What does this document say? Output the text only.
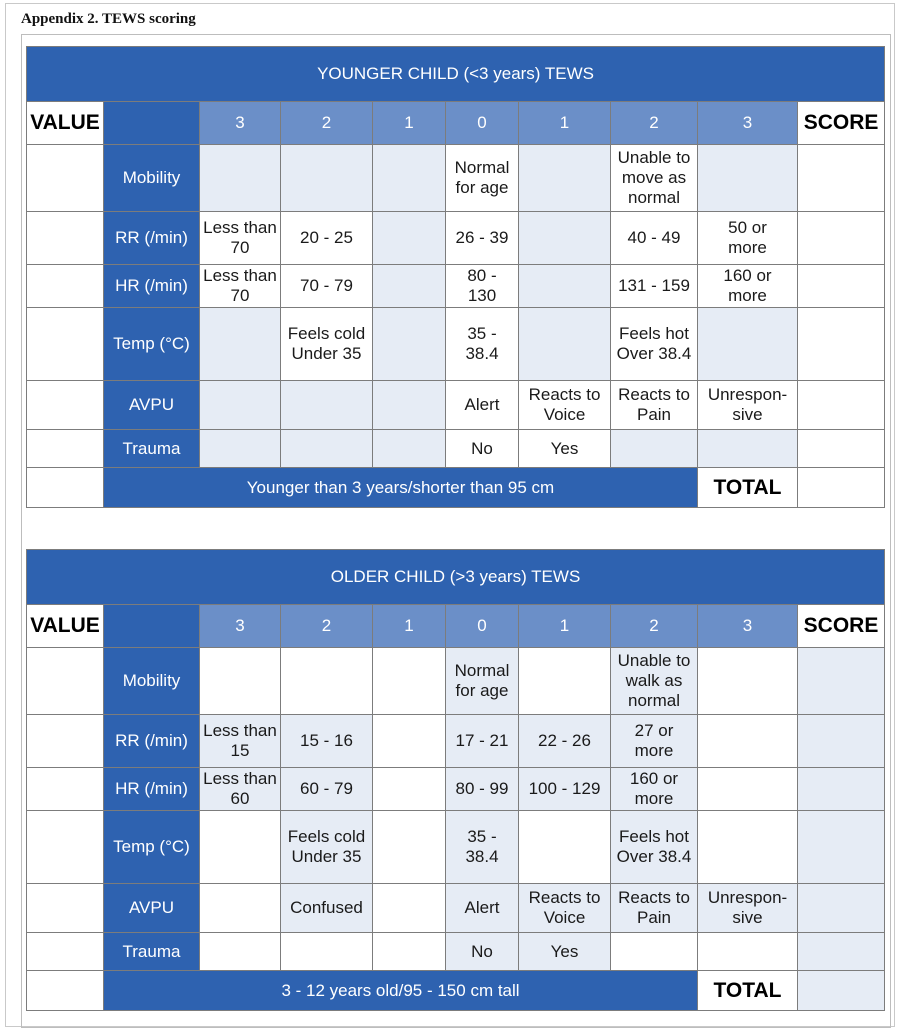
Appendix 2. TEWS scoring
YOUNGER CHILD (<3 years) TEWS									
VALUE		3	2	1	0	1	2	3	SCORE
	Mobility				Normal
for age		Unable to
move as
normal		
	RR (/min)	Less than
70	20 - 25		26 - 39		40 - 49	50 or
more	
	HR (/min)	Less than
70	70 - 79		80 -
130		131 - 159	160 or
more	
	Temp (°C)		Feels cold
Under 35		35 -
38.4		Feels hot
Over 38.4		
	AVPU				Alert	Reacts to
Voice	Reacts to
Pain	Unrespon-
sive	
	Trauma				No	Yes			
	Younger than 3 years/shorter than 95 cm							TOTAL	
OLDER CHILD (>3 years) TEWS									
VALUE		3	2	1	0	1	2	3	SCORE
	Mobility				Normal
for age		Unable to
walk as
normal		
	RR (/min)	Less than
15	15 - 16		17 - 21	22 - 26	27 or
more		
	HR (/min)	Less than
60	60 - 79		80 - 99	100 - 129	160 or
more		
	Temp (°C)		Feels cold
Under 35		35 -
38.4		Feels hot
Over 38.4		
	AVPU		Confused		Alert	Reacts to
Voice	Reacts to
Pain	Unrespon-
sive	
	Trauma				No	Yes			
	3 - 12 years old/95 - 150 cm tall							TOTAL	
